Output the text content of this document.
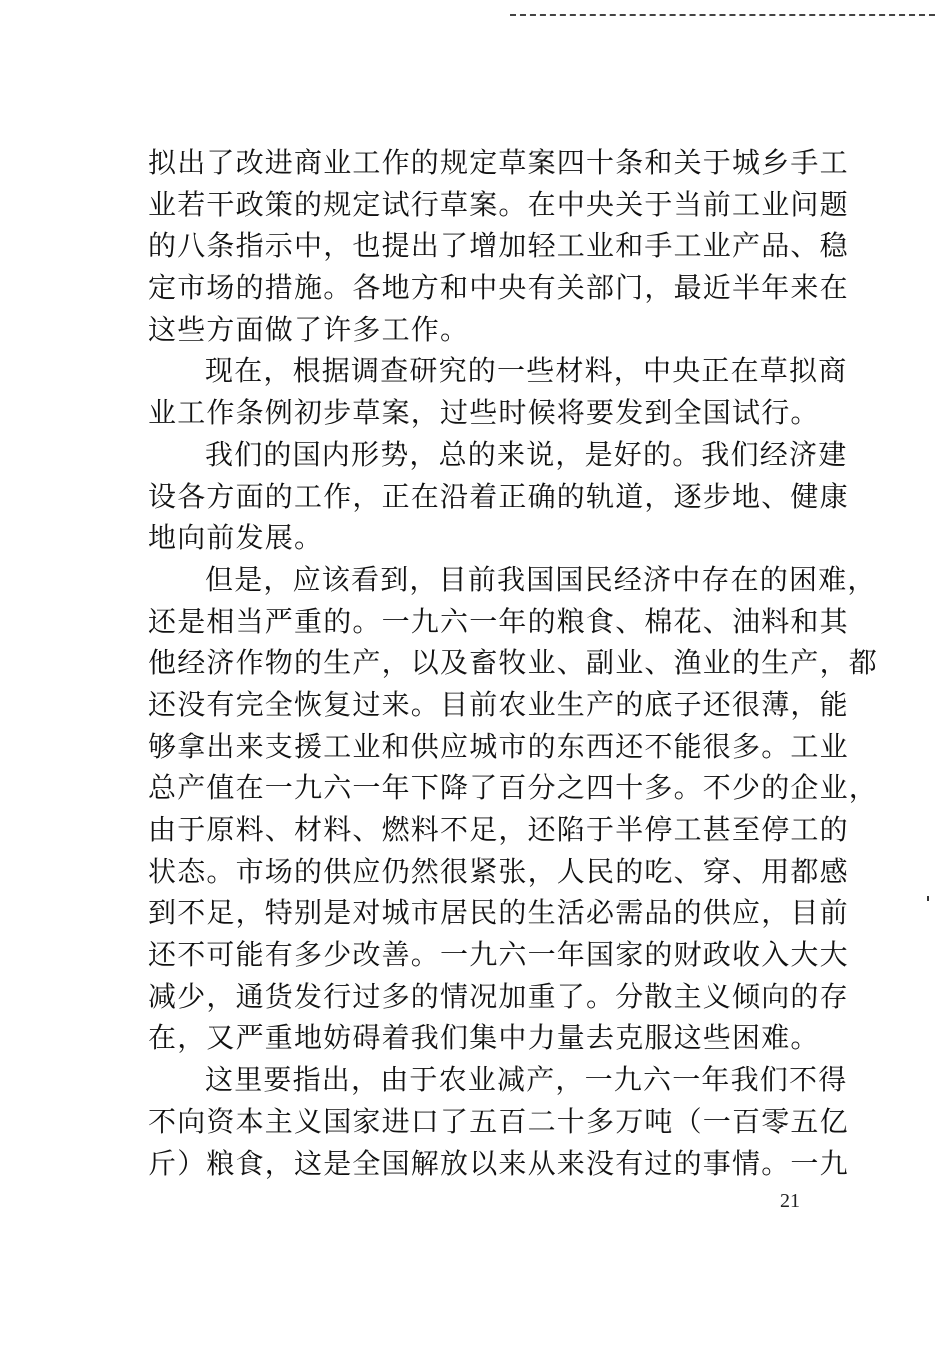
拟出了改进商业工作的规定草案四十条和关于城乡手工
业若干政策的规定试行草案。在中央关于当前工业问题
的八条指示中，也提出了增加轻工业和手工业产品、稳
定市场的措施。各地方和中央有关部门，最近半年来在
这些方面做了许多工作。
现在，根据调查研究的一些材料，中央正在草拟商
业工作条例初步草案，过些时候将要发到全国试行。
我们的国内形势，总的来说，是好的。我们经济建
设各方面的工作，正在沿着正确的轨道，逐步地、健康
地向前发展。
但是，应该看到，目前我国国民经济中存在的困难，
还是相当严重的。一九六一年的粮食、棉花、油料和其
他经济作物的生产，以及畜牧业、副业、渔业的生产，都
还没有完全恢复过来。目前农业生产的底子还很薄，能
够拿出来支援工业和供应城市的东西还不能很多。工业
总产值在一九六一年下降了百分之四十多。不少的企业，
由于原料、材料、燃料不足，还陷于半停工甚至停工的
状态。市场的供应仍然很紧张，人民的吃、穿、用都感
到不足，特别是对城市居民的生活必需品的供应，目前
还不可能有多少改善。一九六一年国家的财政收入大大
减少，通货发行过多的情况加重了。分散主义倾向的存
在，又严重地妨碍着我们集中力量去克服这些困难。
这里要指出，由于农业减产，一九六一年我们不得
不向资本主义国家进口了五百二十多万吨（一百零五亿
斤）粮食，这是全国解放以来从来没有过的事情。一九
21
